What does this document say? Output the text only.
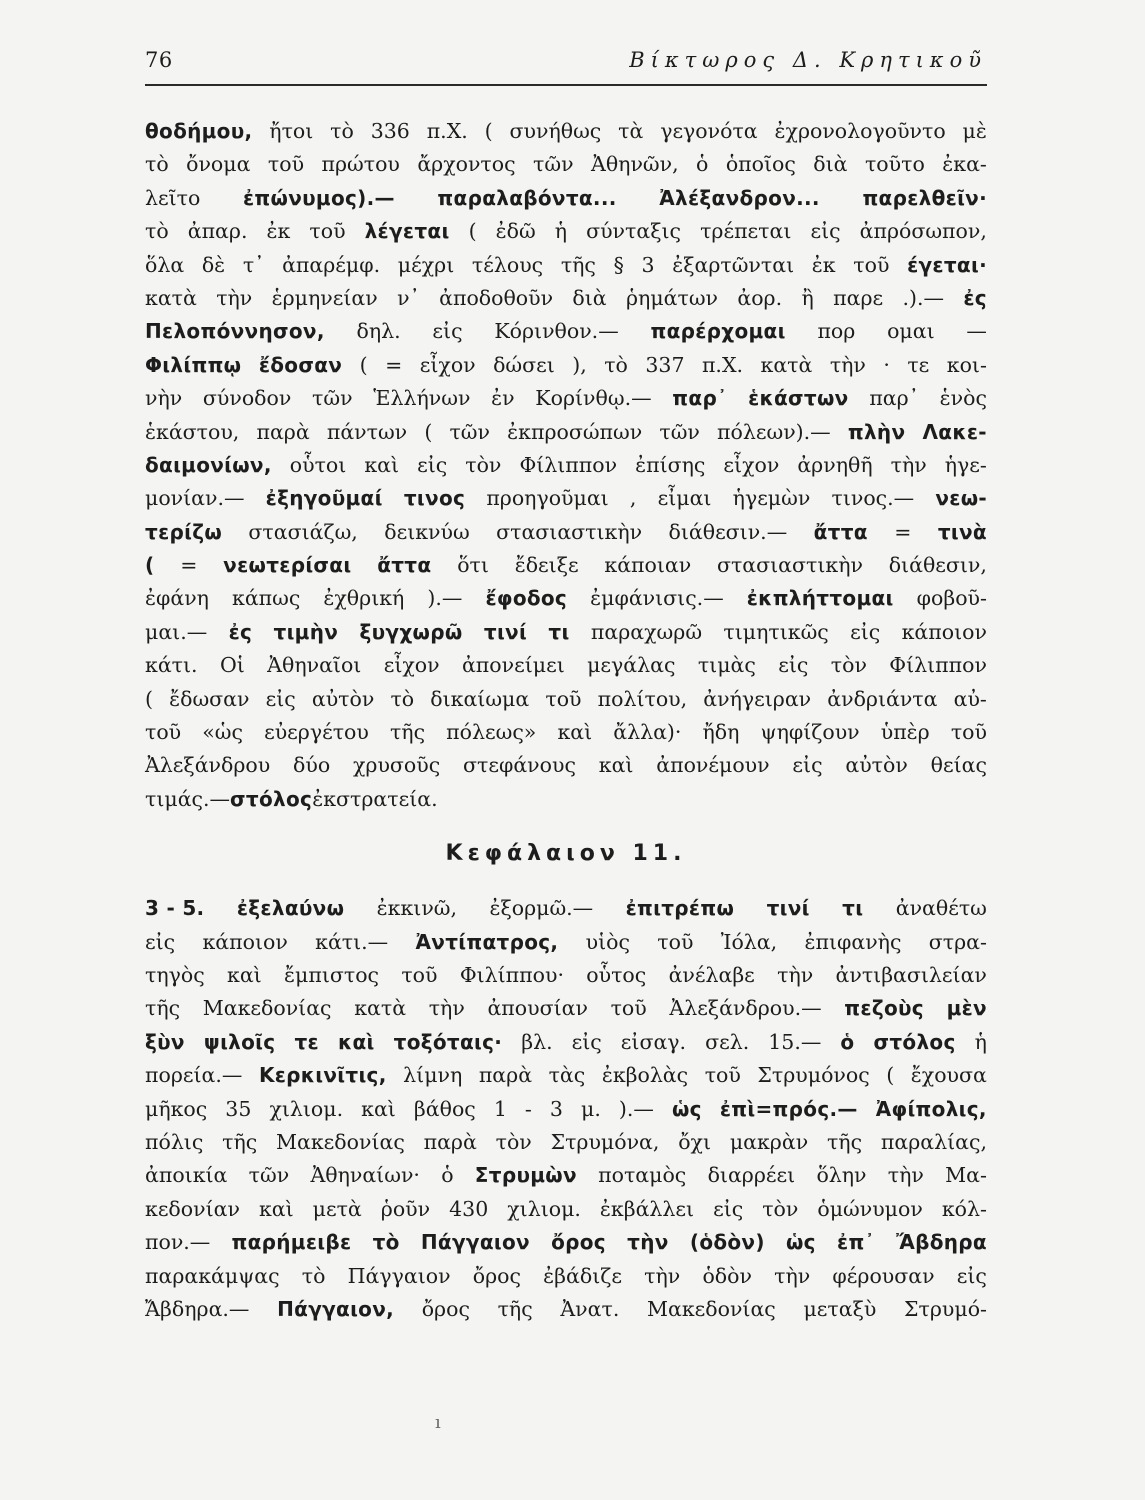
76	Βίκτωρος Δ. Κρητικοῦ
θοδήμου, ἤτοι τὸ 336 π.Χ. ( συνήθως τὰ γεγονότα ἐχρονολογοῦντο μὲ
τὸ ὄνομα τοῦ πρώτου ἄρχοντος τῶν Ἀθηνῶν, ὁ ὁποῖος διὰ τοῦτο ἐκα-
λεῖτο ἐπώνυμος).— παραλαβόντα... Ἀλέξανδρον... παρελθεῖν·
τὸ ἀπαρ. ἐκ τοῦ λέγεται ( ἐδῶ ἡ σύνταξις τρέπεται εἰς ἀπρόσωπον,
ὅλα δὲ τ᾽ ἀπαρέμφ. μέχρι τέλους τῆς § 3 ἐξαρτῶνται ἐκ τοῦ έγεται·
κατὰ τὴν ἑρμηνείαν ν᾽ ἀποδοθοῦν διὰ ῥημάτων ἀορ. ἢ παρε .).— ἐς
Πελοπόννησον, δηλ. εἰς Κόρινθον.— παρέρχομαι πορ ομαι —
Φιλίππῳ ἔδοσαν ( = εἶχον δώσει ), τὸ 337 π.Χ. κατὰ τὴν · τε κοι-
νὴν σύνοδον τῶν Ἑλλήνων ἐν Κορίνθῳ.— παρ᾽ ἑκάστων παρ᾽ ἑνὸς
ἑκάστου, παρὰ πάντων ( τῶν ἐκπροσώπων τῶν πόλεων).— πλὴν Λακε-
δαιμονίων, οὗτοι καὶ εἰς τὸν Φίλιππον ἐπίσης εἶχον ἀρνηθῆ τὴν ἡγε-
μονίαν.— ἐξηγοῦμαί τινος προηγοῦμαι , εἶμαι ἡγεμὼν τινος.— νεω-
τερίζω στασιάζω, δεικνύω στασιαστικὴν διάθεσιν.— ἄττα = τινὰ
( = νεωτερίσαι ἄττα ὅτι ἔδειξε κάποιαν στασιαστικὴν διάθεσιν,
ἐφάνη κάπως ἐχθρική ).— ἔφοδος ἐμφάνισις.— ἐκπλήττομαι φοβοῦ-
μαι.— ἐς τιμὴν ξυγχωρῶ τινί τι παραχωρῶ τιμητικῶς εἰς κάποιον
κάτι. Οἱ Ἀθηναῖοι εἶχον ἀπονείμει μεγάλας τιμὰς εἰς τὸν Φίλιππον
( ἔδωσαν εἰς αὐτὸν τὸ δικαίωμα τοῦ πολίτου, ἀνήγειραν ἀνδριάντα αὐ-
τοῦ «ὡς εὐεργέτου τῆς πόλεως» καὶ ἄλλα)· ἤδη ψηφίζουν ὑπὲρ τοῦ
Ἀλεξάνδρου δύο χρυσοῦς στεφάνους καὶ ἀπονέμουν εἰς αὐτὸν θείας
τιμάς.— στόλος ἐκστρατεία.
Κεφάλαιον 11.
3 - 5. ἐξελαύνω ἐκκινῶ, ἐξορμῶ.— ἐπιτρέπω τινί τι ἀναθέτω
εἰς κάποιον κάτι.— Ἀντίπατρος, υἱὸς τοῦ Ἰόλα, ἐπιφανὴς στρα-
τηγὸς καὶ ἔμπιστος τοῦ Φιλίππου· οὗτος ἀνέλαβε τὴν ἀντιβασιλείαν
τῆς Μακεδονίας κατὰ τὴν ἀπουσίαν τοῦ Ἀλεξάνδρου.— πεζοὺς μὲν
ξὺν ψιλοῖς τε καὶ τοξόταις· βλ. εἰς εἰσαγ. σελ. 15.— ὁ στόλος ἡ
πορεία.— Κερκινῖτις, λίμνη παρὰ τὰς ἐκβολὰς τοῦ Στρυμόνος ( ἔχουσα
μῆκος 35 χιλιομ. καὶ βάθος 1 - 3 μ. ).— ὡς ἐπὶ=πρός.— Ἀφίπολις,
πόλις τῆς Μακεδονίας παρὰ τὸν Στρυμόνα, ὄχι μακρὰν τῆς παραλίας,
ἀποικία τῶν Ἀθηναίων· ὁ Στρυμὼν ποταμὸς διαρρέει ὅλην τὴν Μα-
κεδονίαν καὶ μετὰ ῥοῦν 430 χιλιομ. ἐκβάλλει εἰς τὸν ὁμώνυμον κόλ-
πον.— παρήμειβε τὸ Πάγγαιον ὄρος τὴν (ὁδὸν) ὡς ἐπ᾽ Ἄβδηρα
παρακάμψας τὸ Πάγγαιον ὄρος ἐβάδιζε τὴν ὁδὸν τὴν φέρουσαν εἰς
Ἄβδηρα.— Πάγγαιον, ὄρος τῆς Ἀνατ. Μακεδονίας μεταξὺ Στρυμό-
ı
